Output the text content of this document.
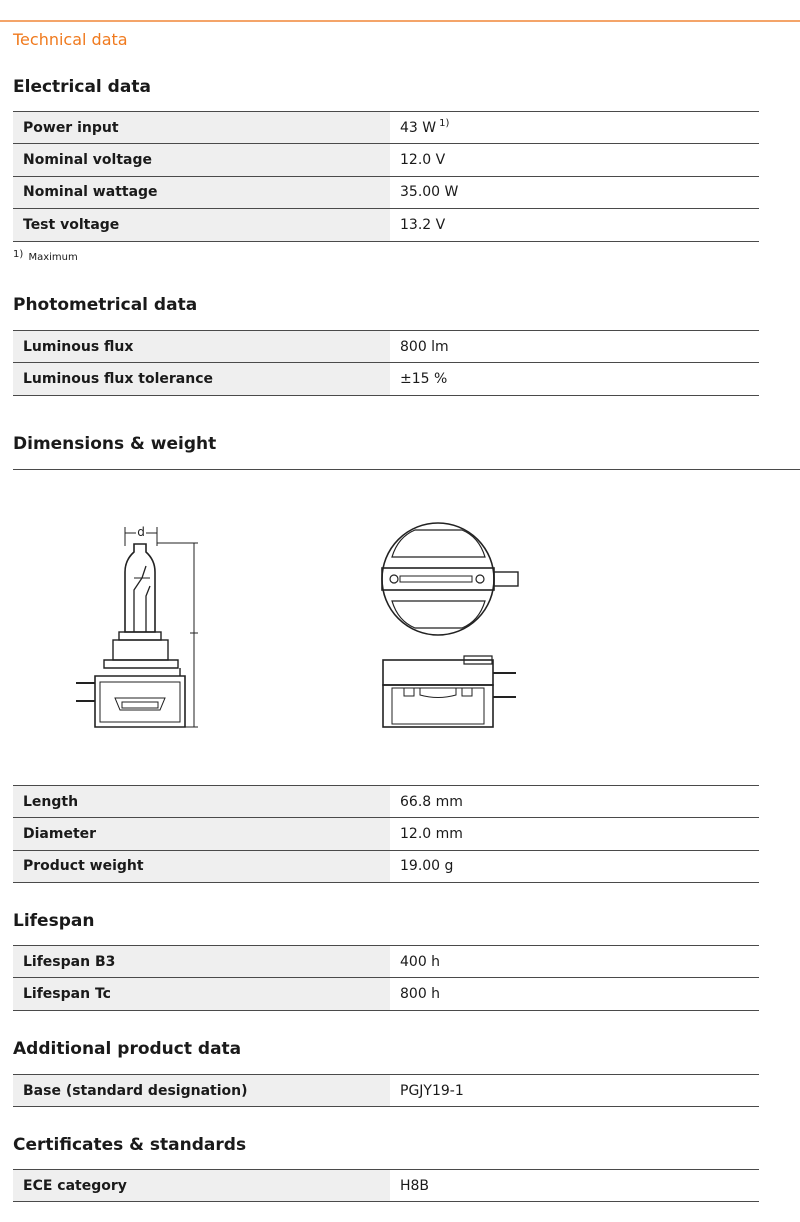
Technical data
Electrical data
Power input	43 W $^{1)}$
Nominal voltage	12.0 V
Nominal wattage	35.00 W
Test voltage	13.2 V
1) Maximum
Photometrical data
Luminous flux	800 lm
Luminous flux tolerance	±15 %
Dimensions & weight
d
Length	66.8 mm
Diameter	12.0 mm
Product weight	19.00 g
Lifespan
Lifespan B3	400 h
Lifespan Tc	800 h
Additional product data
Base (standard designation)	PGJY19-1
Certificates & standards
ECE category	H8B
